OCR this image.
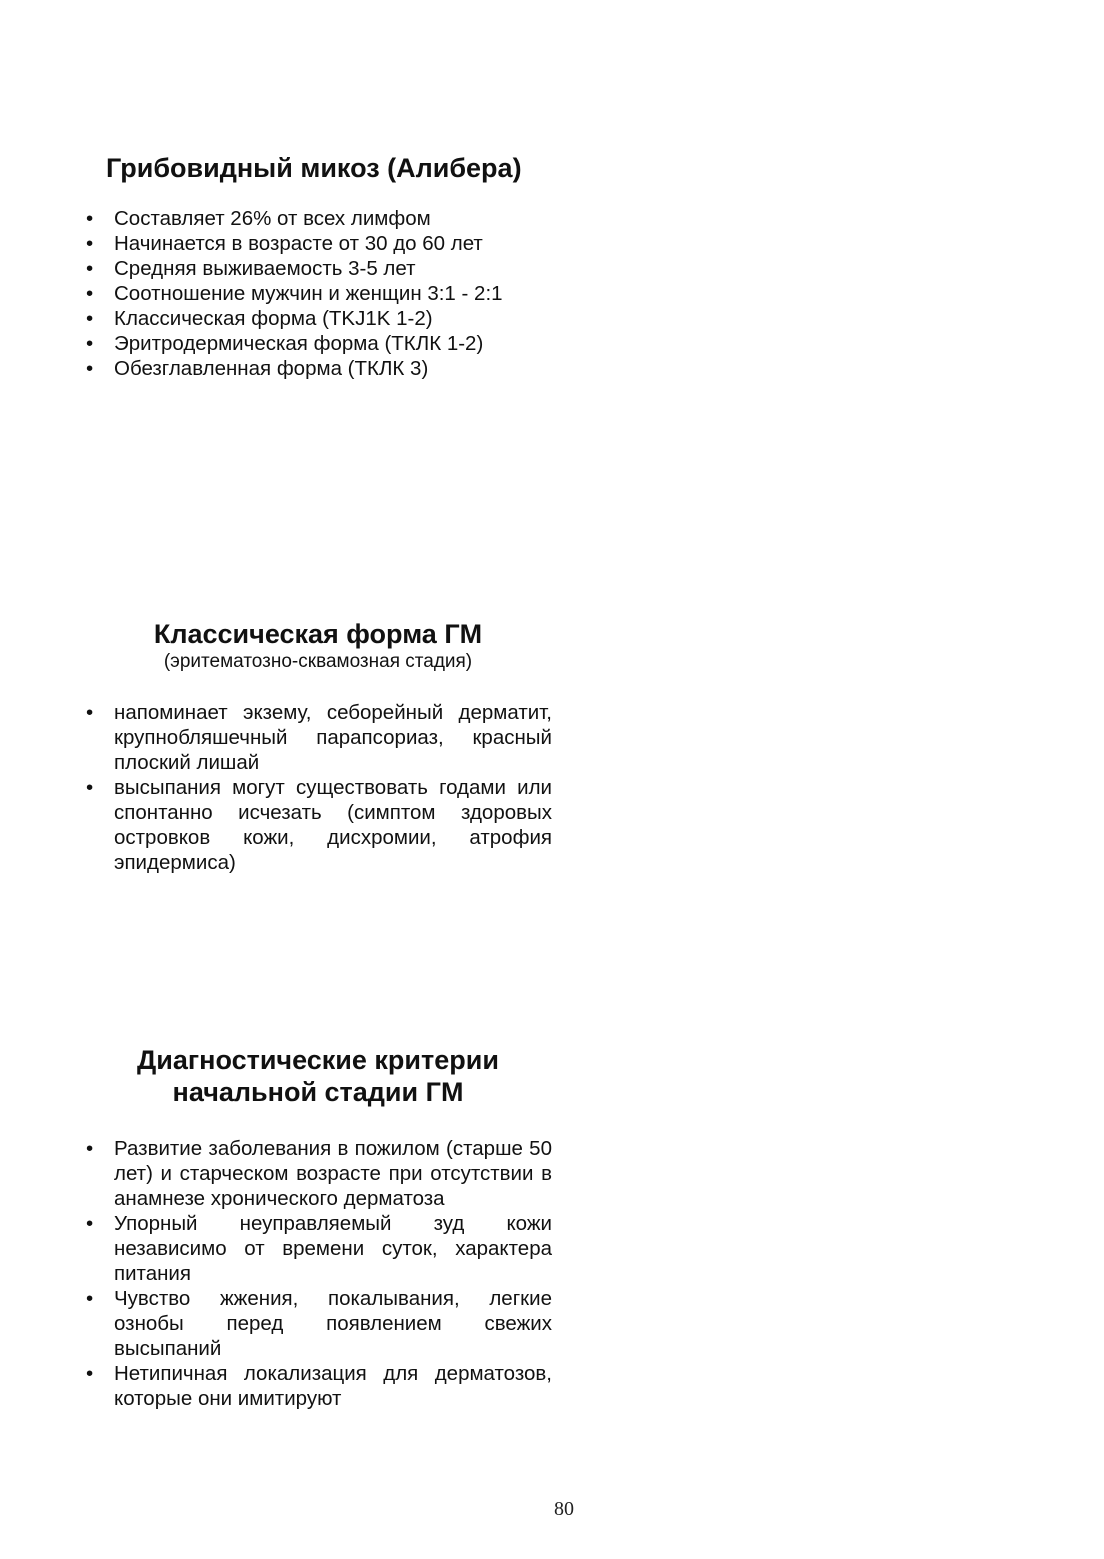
Грибовидный микоз (Алибера)
• Составляет 26% от всех лимфом
• Начинается в возрасте от 30 до 60 лет
• Средняя выживаемость 3-5 лет
• Соотношение мужчин и женщин 3:1 - 2:1
• Классическая форма (TKJ1K 1-2)
• Эритродермическая форма (ТКЛК 1-2)
• Обезглавленная форма (ТКЛК 3)
Классическая форма ГМ

(эритематозно-сквамозная стадия)

• напоминает экзему, себорейный дерматит, крупнобляшечный парапсориаз, красный плоский лишай
• высыпания могут существовать годами или спонтанно исчезать (симптом здоровых островков кожи, дисхромии, атрофия эпидермиса)
Диагностические критерии
начальной стадии ГМ
• Развитие заболевания в пожилом (старше 50 лет) и старческом возрасте при отсутствии в анамнезе хронического дерматоза
• Упорный неуправляемый зуд кожи независимо от времени суток, характера питания
• Чувство жжения, покалывания, легкие ознобы перед появлением свежих высыпаний
• Нетипичная локализация для дерматозов, которые они имитируют
80
